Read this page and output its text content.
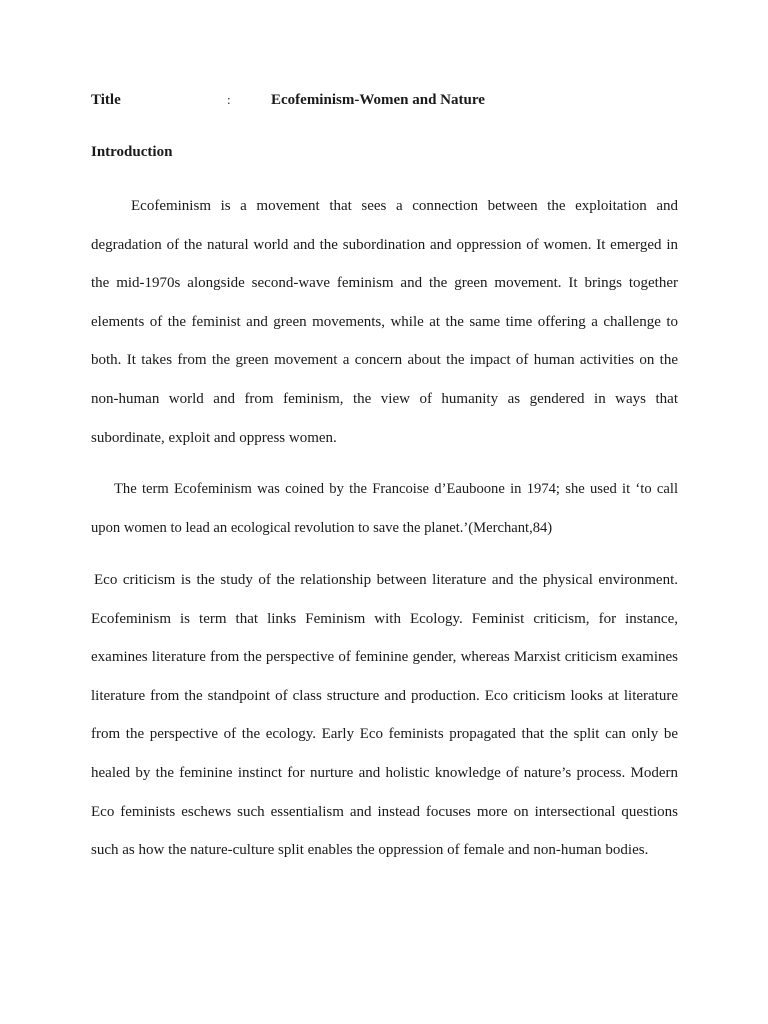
Title	:	Ecofeminism-Women and Nature
Introduction

Ecofeminism is a movement that sees a connection between the exploitation and degradation of the natural world and the subordination and oppression of women. It emerged in the mid-1970s alongside second-wave feminism and the green movement. It brings together elements of the feminist and green movements, while at the same time offering a challenge to both. It takes from the green movement a concern about the impact of human activities on the non-human world and from feminism, the view of humanity as gendered in ways that subordinate, exploit and oppress women.

The term Ecofeminism was coined by the Francoise d’Eauboone in 1974; she used it ‘to call upon women to lead an ecological revolution to save the planet.’(Merchant,84)

Eco criticism is the study of the relationship between literature and the physical environment. Ecofeminism is term that links Feminism with Ecology. Feminist criticism, for instance, examines literature from the perspective of feminine gender, whereas Marxist criticism examines literature from the standpoint of class structure and production. Eco criticism looks at literature from the perspective of the ecology. Early Eco feminists propagated that the split can only be healed by the feminine instinct for nurture and holistic knowledge of nature’s process. Modern Eco feminists eschews such essentialism and instead focuses more on intersectional questions such as how the nature-culture split enables the oppression of female and non-human bodies.
